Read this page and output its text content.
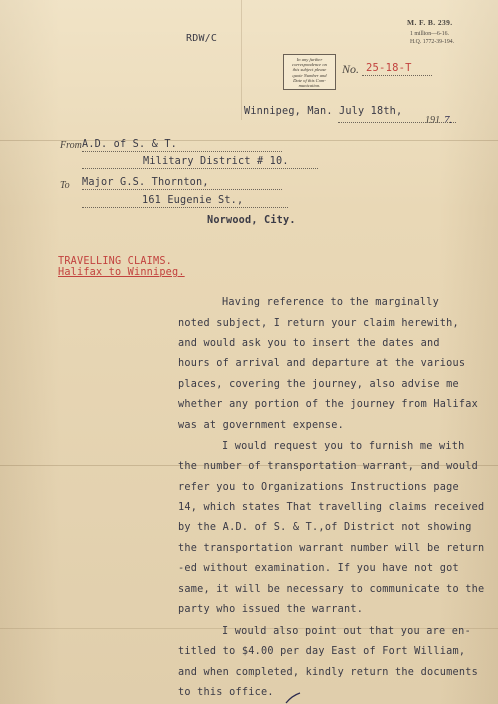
RDW/C
M. F. B. 239.
1 million—6-16.
H.Q. 1772-39-194.
In any further
correspondence on
this subject please
quote Number and
Date of this Com-
munication.
No. 25-18-T
Winnipeg, Man. July 18th,
191 7.
From A.D. of S. & T.
Military District # 10.
To Major G.S. Thornton,
161 Eugenie St.,
Norwood, City.
TRAVELLING CLAIMS.
Halifax to Winnipeg.
Having reference to the marginally
noted subject, I return your claim herewith,
and would ask you to insert the dates and
hours of arrival and departure at the various
places, covering the journey, also advise me
whether any portion of the journey from Halifax
was at government expense.
I would request you to furnish me with
the number of transportation warrant, and would
refer you to Organizations Instructions page
14, which states That travelling claims received
by the A.D. of S. & T.,of District not showing
the transportation warrant number will be return
-ed without examination. If you have not got
same, it will be necessary to communicate to the
party who issued the warrant.
I would also point out that you are en-
titled to $4.00 per day East of Fort William,
and when completed, kindly return the documents
to this office.
